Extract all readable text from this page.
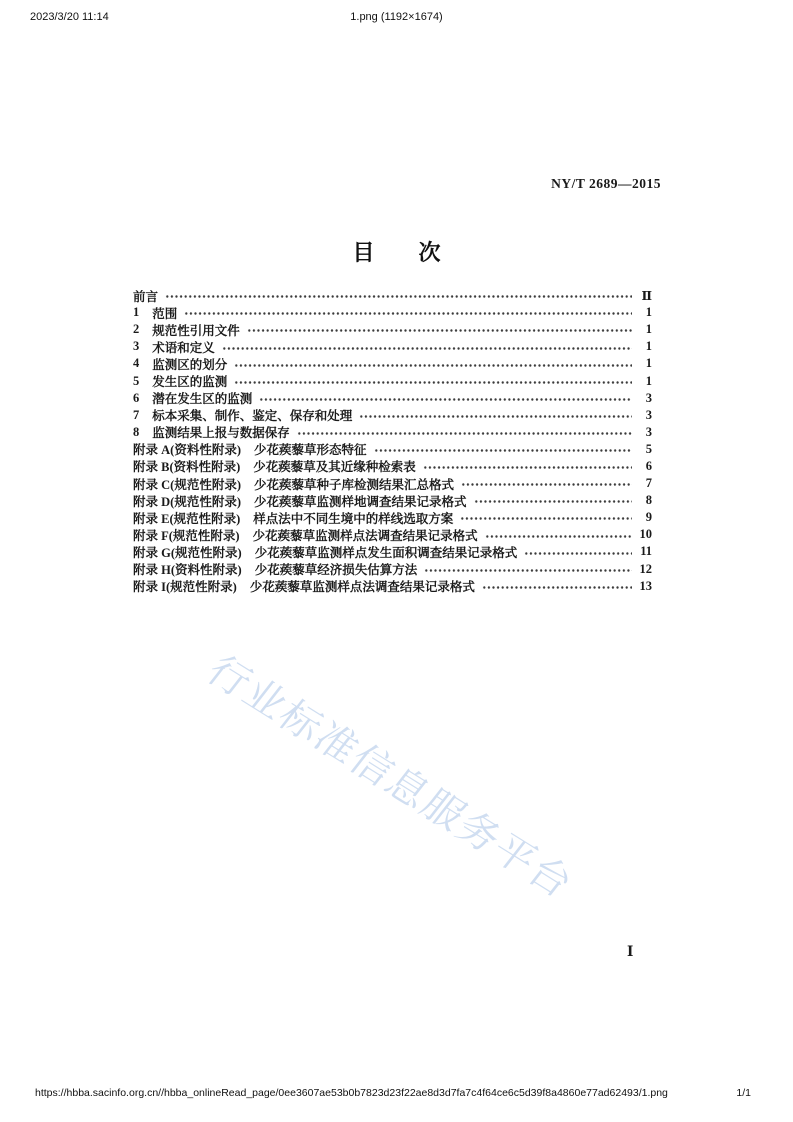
2023/3/20 11:14	1.png (1192×1674)
NY/T 2689—2015
目　　次
前言	Ⅱ
1 范围	1
2 规范性引用文件	1
3 术语和定义	1
4 监测区的划分	1
5 发生区的监测	1
6 潜在发生区的监测	3
7 标本采集、制作、鉴定、保存和处理	3
8 监测结果上报与数据保存	3
附录 A(资料性附录) 少花蒺藜草形态特征	5
附录 B(资料性附录) 少花蒺藜草及其近缘种检索表	6
附录 C(规范性附录) 少花蒺藜草种子库检测结果汇总格式	7
附录 D(规范性附录) 少花蒺藜草监测样地调查结果记录格式	8
附录 E(规范性附录) 样点法中不同生境中的样线选取方案	9
附录 F(规范性附录) 少花蒺藜草监测样点法调查结果记录格式	10
附录 G(规范性附录) 少花蒺藜草监测样点发生面积调查结果记录格式	11
附录 H(资料性附录) 少花蒺藜草经济损失估算方法	12
附录 I(规范性附录) 少花蒺藜草监测样点法调查结果记录格式	13
行业标准信息服务平台
Ⅰ
https://hbba.sacinfo.org.cn//hbba_onlineRead_page/0ee3607ae53b0b7823d23f22ae8d3d7fa7c4f64ce6c5d39f8a4860e77ad62493/1.png	1/1
